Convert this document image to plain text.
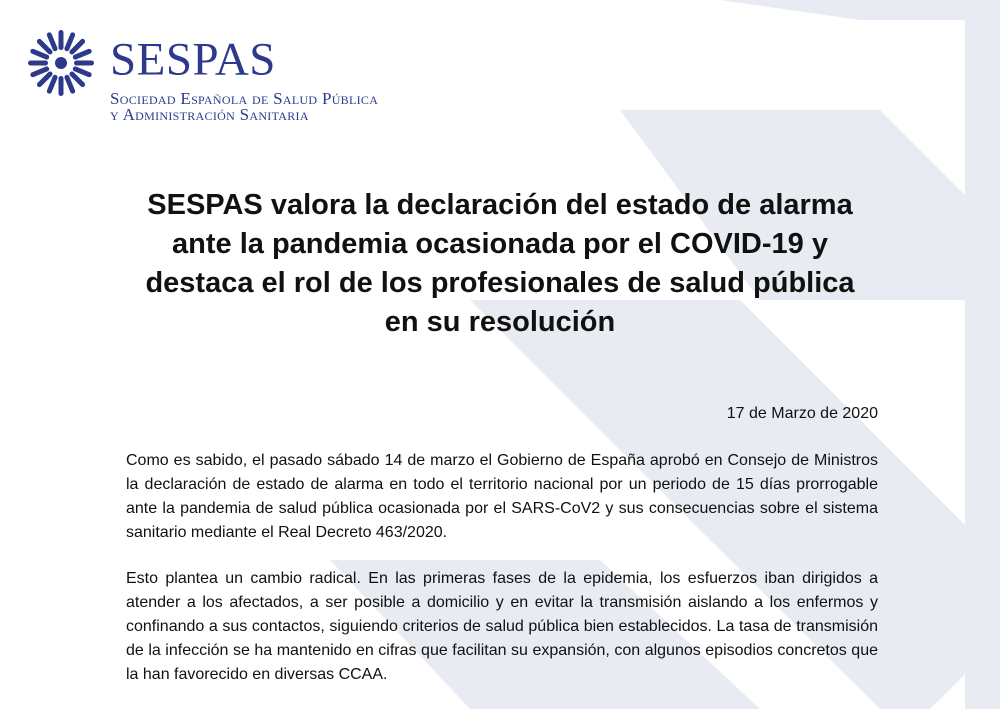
SESPAS
Sociedad Española de Salud Pública
y Administración Sanitaria
SESPAS valora la declaración del estado de alarma
ante la pandemia ocasionada por el COVID-19 y
destaca el rol de los profesionales de salud pública
en su resolución

17 de Marzo de 2020

Como es sabido, el pasado sábado 14 de marzo el Gobierno de España aprobó en Consejo de Ministros la declaración de estado de alarma en todo el territorio nacional por un periodo de 15 días prorrogable ante la pandemia de salud pública ocasionada por el SARS-CoV2 y sus consecuencias sobre el sistema sanitario mediante el Real Decreto 463/2020.

Esto plantea un cambio radical. En las primeras fases de la epidemia, los esfuerzos iban dirigidos a atender a los afectados, a ser posible a domicilio y en evitar la transmisión aislando a los enfermos y confinando a sus contactos, siguiendo criterios de salud pública bien establecidos. La tasa de transmisión de la infección se ha mantenido en cifras que facilitan su expansión, con algunos episodios concretos que la han favorecido en diversas CCAA.
